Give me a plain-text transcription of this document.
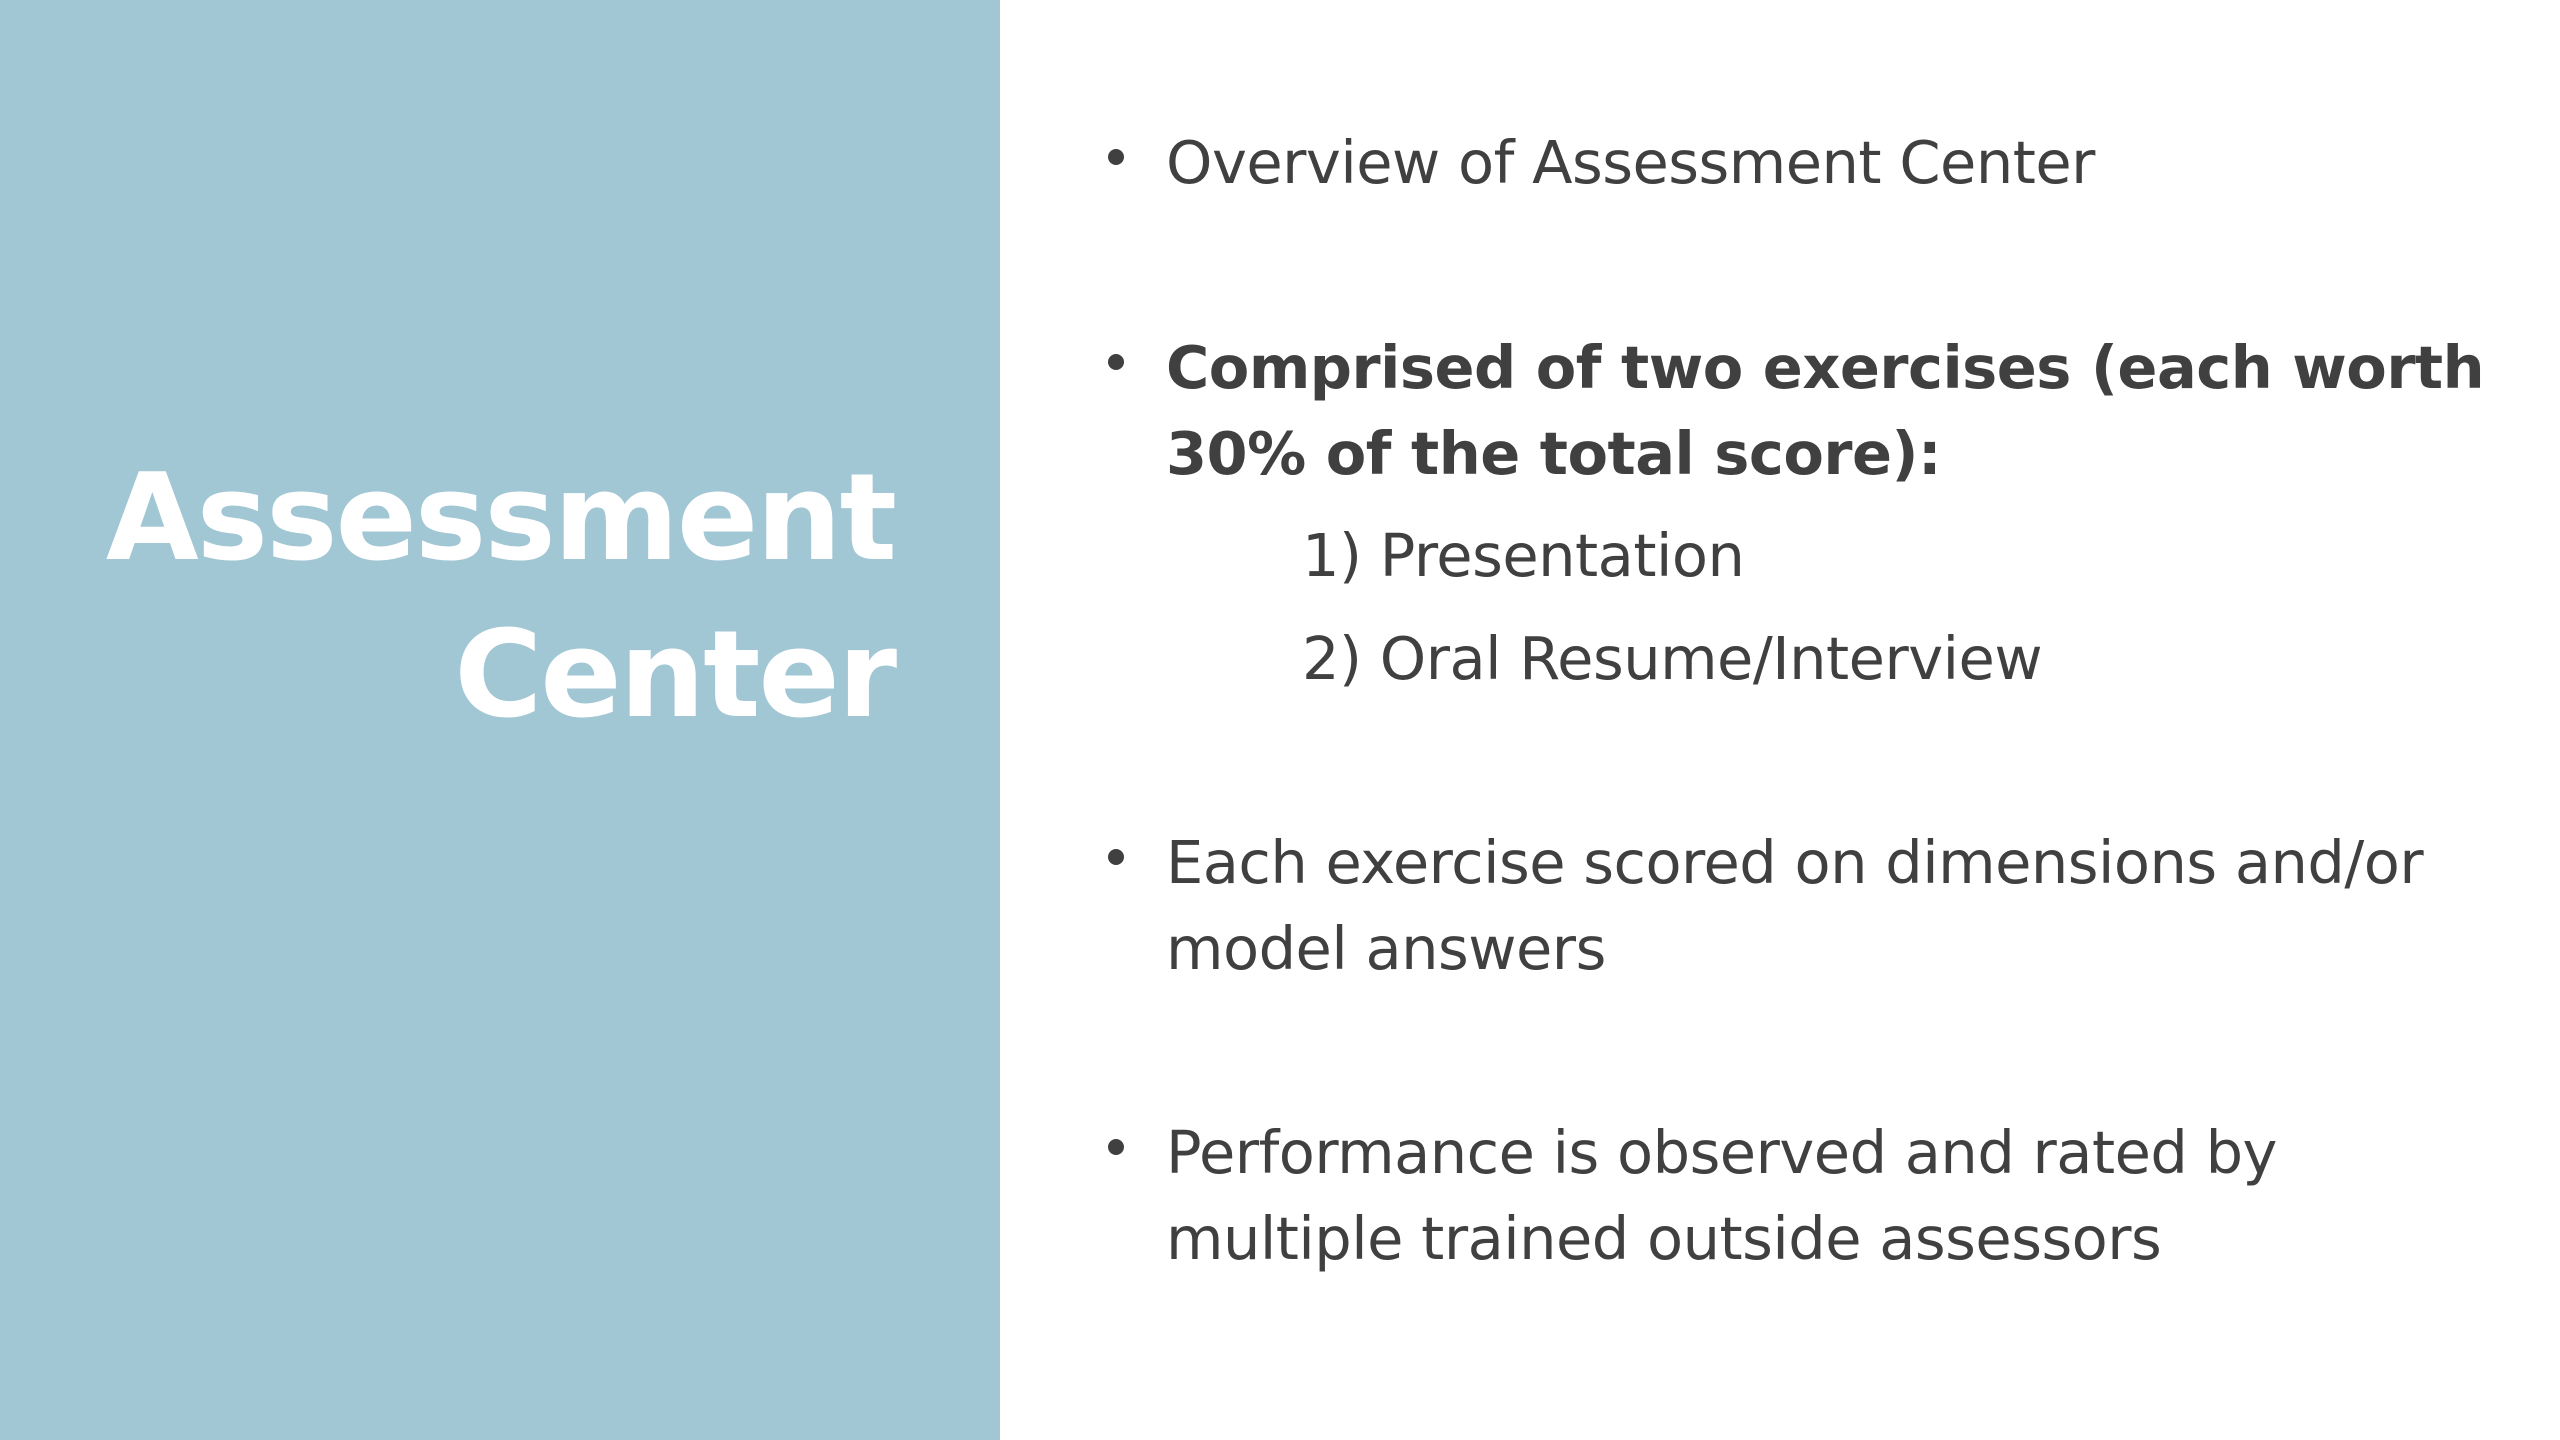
Assessment
Center
Overview of Assessment Center
Comprised of two exercises (each worth 30% of the total score):
1) Presentation
2) Oral Resume/Interview
Each exercise scored on dimensions and/or model answers
Performance is observed and rated by multiple trained outside assessors
